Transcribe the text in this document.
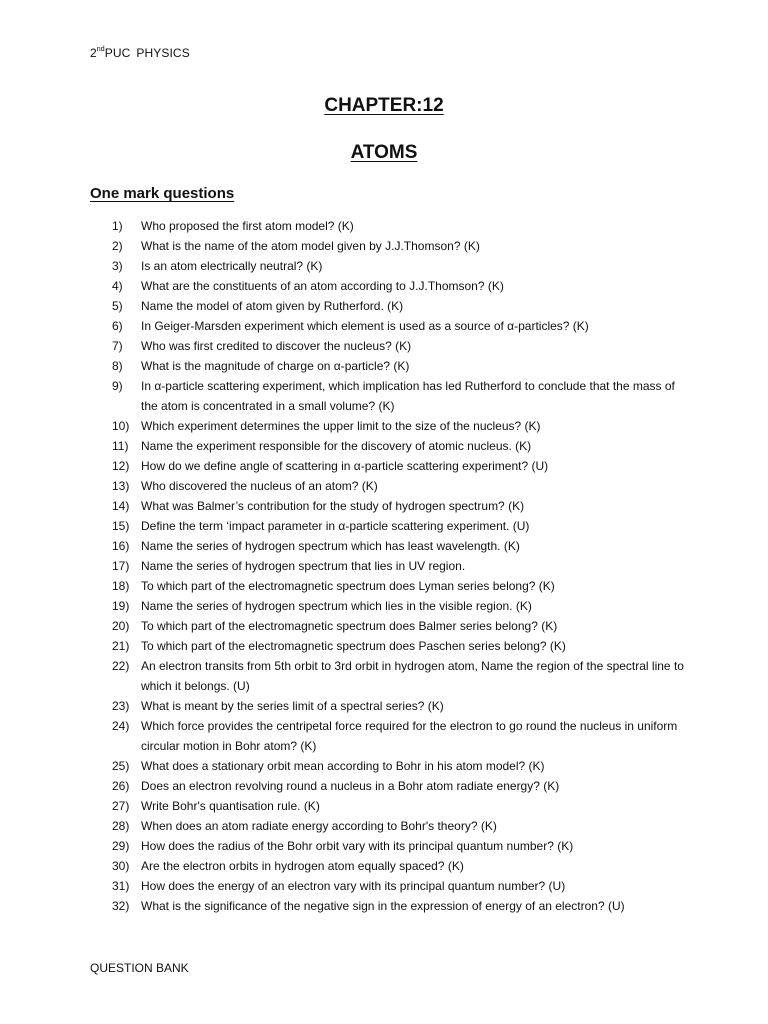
2ndPUC PHYSICS
CHAPTER:12
ATOMS
One mark questions
1)	Who proposed the first atom model? (K)
2)	What is the name of the atom model given by J.J.Thomson? (K)
3)	Is an atom electrically neutral? (K)
4)	What are the constituents of an atom according to J.J.Thomson? (K)
5)	Name the model of atom given by Rutherford. (K)
6)	In Geiger-Marsden experiment which element is used as a source of α-particles? (K)
7)	Who was first credited to discover the nucleus? (K)
8)	What is the magnitude of charge on α-particle? (K)
9)	In α-particle scattering experiment, which implication has led Rutherford to conclude that the mass of the atom is concentrated in a small volume? (K)
10) Which experiment determines the upper limit to the size of the nucleus? (K)
11)	Name the experiment responsible for the discovery of atomic nucleus. (K)
12) How do we define angle of scattering in α-particle scattering experiment? (U)
13) Who discovered the nucleus of an atom? (K)
14) What was Balmer’s contribution for the study of hydrogen spectrum? (K)
15) Define the term ‘impact parameter in α-particle scattering experiment. (U)
16) Name the series of hydrogen spectrum which has least wavelength. (K)
17) Name the series of hydrogen spectrum that lies in UV region.
18) To which part of the electromagnetic spectrum does Lyman series belong? (K)
19) Name the series of hydrogen spectrum which lies in the visible region. (K)
20) To which part of the electromagnetic spectrum does Balmer series belong? (K)
21) To which part of the electromagnetic spectrum does Paschen series belong? (K)
22) An electron transits from 5th orbit to 3rd orbit in hydrogen atom, Name the region of the spectral line to which it belongs. (U)
23) What is meant by the series limit of a spectral series? (K)
24) Which force provides the centripetal force required for the electron to go round the nucleus in uniform circular motion in Bohr atom? (K)
25) What does a stationary orbit mean according to Bohr in his atom model? (K)
26) Does an electron revolving round a nucleus in a Bohr atom radiate energy? (K)
27) Write Bohr's quantisation rule. (K)
28) When does an atom radiate energy according to Bohr's theory? (K)
29) How does the radius of the Bohr orbit vary with its principal quantum number? (K)
30) Are the electron orbits in hydrogen atom equally spaced? (K)
31) How does the energy of an electron vary with its principal quantum number? (U)
32) What is the significance of the negative sign in the expression of energy of an electron? (U)
QUESTION BANK
